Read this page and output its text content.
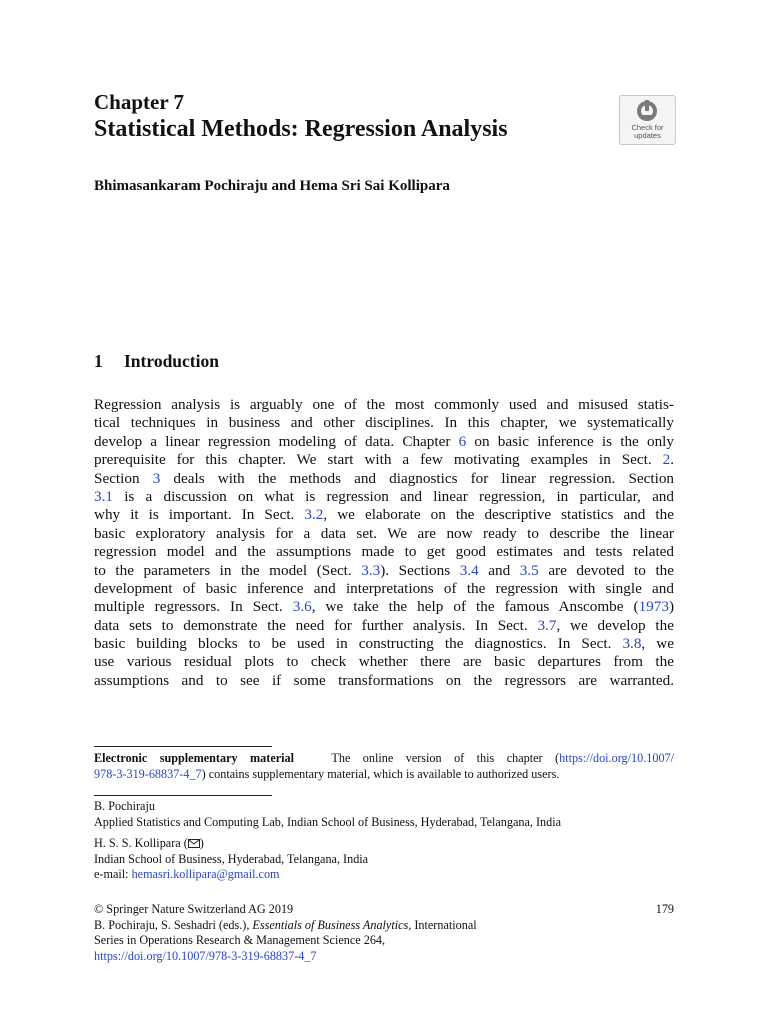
Chapter 7
Statistical Methods: Regression Analysis	Check for
updates
Bhimasankaram Pochiraju and Hema Sri Sai Kollipara
1 Introduction
Regression analysis is arguably one of the most commonly used and misused statis-
tical techniques in business and other disciplines. In this chapter, we systematically
develop a linear regression modeling of data. Chapter 6 on basic inference is the only
prerequisite for this chapter. We start with a few motivating examples in Sect. 2.
Section 3 deals with the methods and diagnostics for linear regression. Section
3.1 is a discussion on what is regression and linear regression, in particular, and
why it is important. In Sect. 3.2, we elaborate on the descriptive statistics and the
basic exploratory analysis for a data set. We are now ready to describe the linear
regression model and the assumptions made to get good estimates and tests related
to the parameters in the model (Sect. 3.3). Sections 3.4 and 3.5 are devoted to the
development of basic inference and interpretations of the regression with single and
multiple regressors. In Sect. 3.6, we take the help of the famous Anscombe (1973)
data sets to demonstrate the need for further analysis. In Sect. 3.7, we develop the
basic building blocks to be used in constructing the diagnostics. In Sect. 3.8, we
use various residual plots to check whether there are basic departures from the
assumptions and to see if some transformations on the regressors are warranted.
Electronic supplementary material	The online version of this chapter (https://doi.org/10.1007/
978-3-319-68837-4_7) contains supplementary material, which is available to authorized users.
B. Pochiraju
Applied Statistics and Computing Lab, Indian School of Business, Hyderabad, Telangana, India
H. S. S. Kollipara ( )
Indian School of Business, Hyderabad, Telangana, India
e-mail: hemasri.kollipara@gmail.com
© Springer Nature Switzerland AG 2019
B. Pochiraju, S. Seshadri (eds.), Essentials of Business Analytics, International
Series in Operations Research & Management Science 264,
https://doi.org/10.1007/978-3-319-68837-4_7
179
